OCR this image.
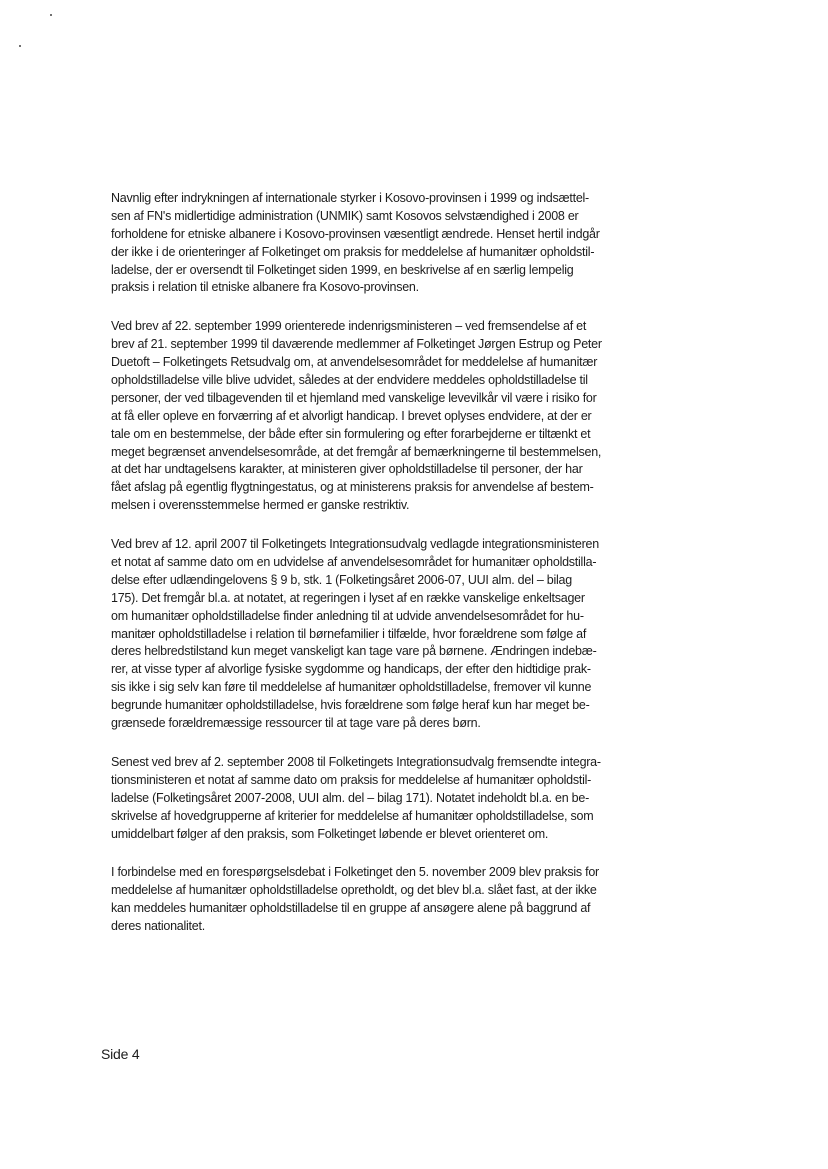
Navnlig efter indrykningen af internationale styrker i Kosovo-provinsen i 1999 og indsættel-
sen af FN's midlertidige administration (UNMIK) samt Kosovos selvstændighed i 2008 er
forholdene for etniske albanere i Kosovo-provinsen væsentligt ændrede. Henset hertil indgår
der ikke i de orienteringer af Folketinget om praksis for meddelelse af humanitær opholdstil-
ladelse, der er oversendt til Folketinget siden 1999, en beskrivelse af en særlig lempelig
praksis i relation til etniske albanere fra Kosovo-provinsen.

Ved brev af 22. september 1999 orienterede indenrigsministeren – ved fremsendelse af et
brev af 21. september 1999 til daværende medlemmer af Folketinget Jørgen Estrup og Peter
Duetoft – Folketingets Retsudvalg om, at anvendelsesområdet for meddelelse af humanitær
opholdstilladelse ville blive udvidet, således at der endvidere meddeles opholdstilladelse til
personer, der ved tilbagevenden til et hjemland med vanskelige levevilkår vil være i risiko for
at få eller opleve en forværring af et alvorligt handicap. I brevet oplyses endvidere, at der er
tale om en bestemmelse, der både efter sin formulering og efter forarbejderne er tiltænkt et
meget begrænset anvendelsesområde, at det fremgår af bemærkningerne til bestemmelsen,
at det har undtagelsens karakter, at ministeren giver opholdstilladelse til personer, der har
fået afslag på egentlig flygtningestatus, og at ministerens praksis for anvendelse af bestem-
melsen i overensstemmelse hermed er ganske restriktiv.

Ved brev af 12. april 2007 til Folketingets Integrationsudvalg vedlagde integrationsministeren
et notat af samme dato om en udvidelse af anvendelsesområdet for humanitær opholdstilla-
delse efter udlændingelovens § 9 b, stk. 1 (Folketingsåret 2006-07, UUI alm. del – bilag
175). Det fremgår bl.a. at notatet, at regeringen i lyset af en række vanskelige enkeltsager
om humanitær opholdstilladelse finder anledning til at udvide anvendelsesområdet for hu-
manitær opholdstilladelse i relation til børnefamilier i tilfælde, hvor forældrene som følge af
deres helbredstilstand kun meget vanskeligt kan tage vare på børnene. Ændringen indebæ-
rer, at visse typer af alvorlige fysiske sygdomme og handicaps, der efter den hidtidige prak-
sis ikke i sig selv kan føre til meddelelse af humanitær opholdstilladelse, fremover vil kunne
begrunde humanitær opholdstilladelse, hvis forældrene som følge heraf kun har meget be-
grænsede forældremæssige ressourcer til at tage vare på deres børn.

Senest ved brev af 2. september 2008 til Folketingets Integrationsudvalg fremsendte integra-
tionsministeren et notat af samme dato om praksis for meddelelse af humanitær opholdstil-
ladelse (Folketingsåret 2007-2008, UUI alm. del – bilag 171). Notatet indeholdt bl.a. en be-
skrivelse af hovedgrupperne af kriterier for meddelelse af humanitær opholdstilladelse, som
umiddelbart følger af den praksis, som Folketinget løbende er blevet orienteret om.

I forbindelse med en forespørgselsdebat i Folketinget den 5. november 2009 blev praksis for
meddelelse af humanitær opholdstilladelse opretholdt, og det blev bl.a. slået fast, at der ikke
kan meddeles humanitær opholdstilladelse til en gruppe af ansøgere alene på baggrund af
deres nationalitet.

Side 4
